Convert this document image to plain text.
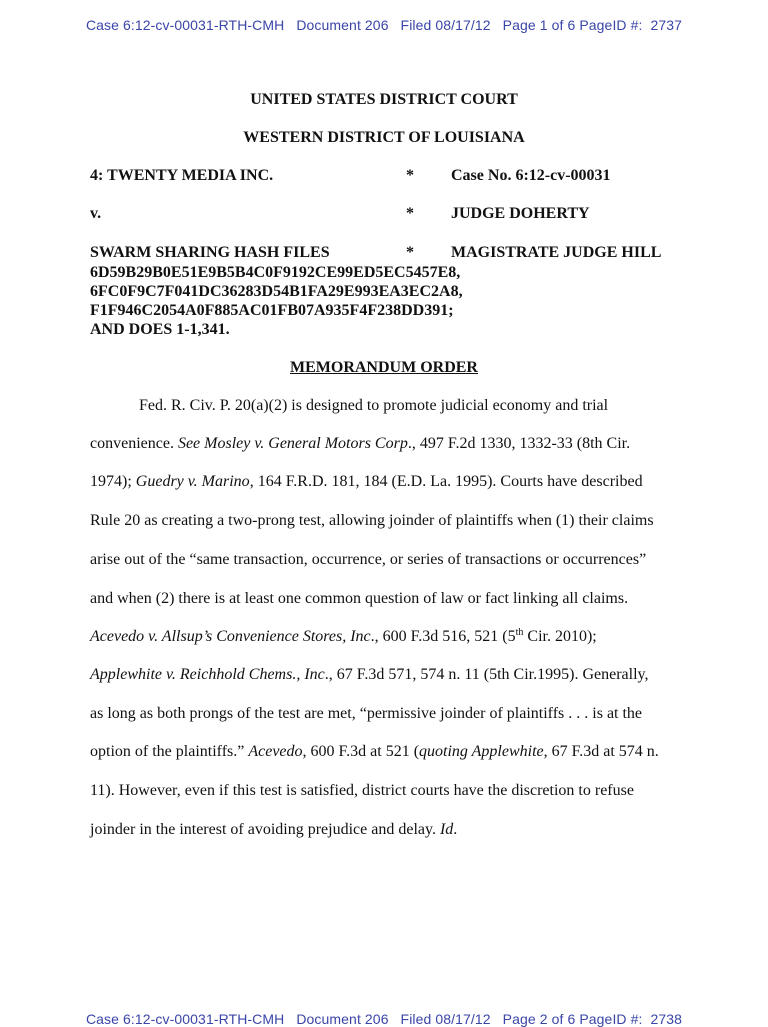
Case 6:12-cv-00031-RTH-CMH   Document 206   Filed 08/17/12   Page 1 of 6 PageID #:  2737
UNITED STATES DISTRICT COURT
WESTERN DISTRICT OF LOUISIANA
4: TWENTY MEDIA INC.	* Case No. 6:12-cv-00031
v.	* JUDGE DOHERTY
SWARM SHARING HASH FILES	* MAGISTRATE JUDGE HILL
6D59B29B0E51E9B5B4C0F9192CE99ED5EC5457E8,
6FC0F9C7F041DC36283D54B1FA29E993EA3EC2A8,
F1F946C2054A0F885AC01FB07A935F4F238DD391;
AND DOES 1-1,341.
MEMORANDUM ORDER
Fed. R. Civ. P. 20(a)(2) is designed to promote judicial economy and trial
convenience. See Mosley v. General Motors Corp., 497 F.2d 1330, 1332-33 (8th Cir.
1974); Guedry v. Marino, 164 F.R.D. 181, 184 (E.D. La. 1995). Courts have described
Rule 20 as creating a two-prong test, allowing joinder of plaintiffs when (1) their claims
arise out of the “same transaction, occurrence, or series of transactions or occurrences”
and when (2) there is at least one common question of law or fact linking all claims.
Acevedo v. Allsup’s Convenience Stores, Inc., 600 F.3d 516, 521 (5th Cir. 2010);
Applewhite v. Reichhold Chems., Inc., 67 F.3d 571, 574 n. 11 (5th Cir.1995). Generally,
as long as both prongs of the test are met, “permissive joinder of plaintiffs . . . is at the
option of the plaintiffs.” Acevedo, 600 F.3d at 521 (quoting Applewhite, 67 F.3d at 574 n.
11). However, even if this test is satisfied, district courts have the discretion to refuse
joinder in the interest of avoiding prejudice and delay. Id.
Case 6:12-cv-00031-RTH-CMH   Document 206   Filed 08/17/12   Page 2 of 6 PageID #:  2738
